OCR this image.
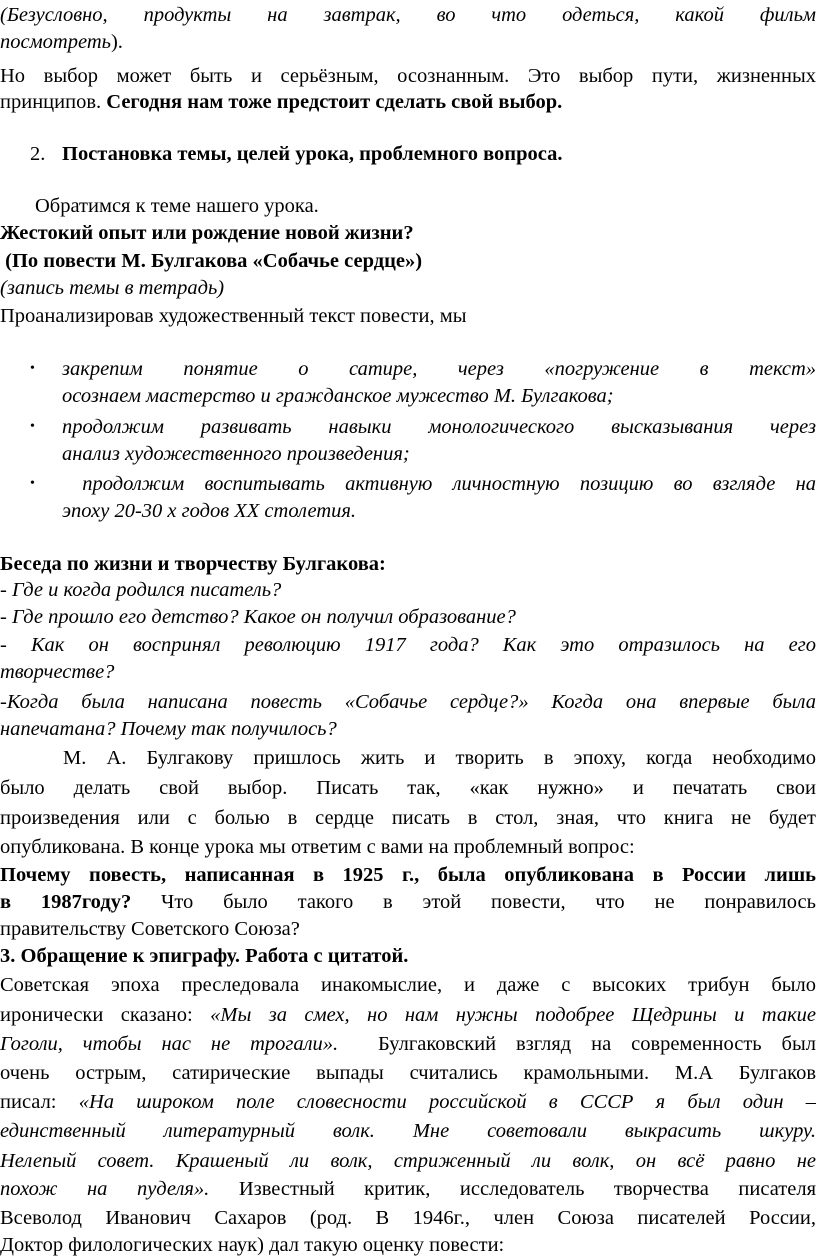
(Безусловно, продукты на завтрак, во что одеться, какой фильм
посмотреть).
Но выбор может быть и серьёзным, осознанным. Это выбор пути, жизненных
принципов. Сегодня нам тоже предстоит сделать свой выбор.
2. Постановка темы, целей урока, проблемного вопроса.
Обратимся к теме нашего урока.
Жестокий опыт или рождение новой жизни?
(По повести М. Булгакова «Собачье сердце»)
(запись темы в тетрадь)
Проанализировав художественный текст повести, мы
• закрепим понятие о сатире, через «погружение в текст»
осознаем мастерство и гражданское мужество М. Булгакова;
• продолжим развивать навыки монологического высказывания через
анализ художественного произведения;
• продолжим воспитывать активную личностную позицию во взгляде на
эпоху 20-30 х годов XX столетия.
Беседа по жизни и творчеству Булгакова:
- Где и когда родился писатель?
- Где прошло его детство? Какое он получил образование?
- Как он воспринял революцию 1917 года? Как это отразилось на его
творчестве?
-Когда была написана повесть «Собачье сердце?» Когда она впервые была
напечатана? Почему так получилось?
М. А. Булгакову пришлось жить и творить в эпоху, когда необходимо
было делать свой выбор. Писать так, «как нужно» и печатать свои
произведения или с болью в сердце писать в стол, зная, что книга не будет
опубликована. В конце урока мы ответим с вами на проблемный вопрос:
Почему повесть, написанная в 1925 г., была опубликована в России лишь
в 1987году? Что было такого в этой повести, что не понравилось
правительству Советского Союза?
3. Обращение к эпиграфу. Работа с цитатой.
Советская эпоха преследовала инакомыслие, и даже с высоких трибун было
иронически сказано: «Мы за смех, но нам нужны подобрее Щедрины и такие
Гоголи, чтобы нас не трогали».  Булгаковский взгляд на современность был
очень острым, сатирические выпады считались крамольными. М.А Булгаков
писал: «На широком поле словесности российской в СССР я был один –
единственный литературный волк. Мне советовали выкрасить шкуру.
Нелепый совет. Крашеный ли волк, стриженный ли волк, он всё равно не
похож на пуделя». Известный критик, исследователь творчества писателя
Всеволод Иванович Сахаров (род. В 1946г., член Союза писателей России,
Доктор филологических наук) дал такую оценку повести:
